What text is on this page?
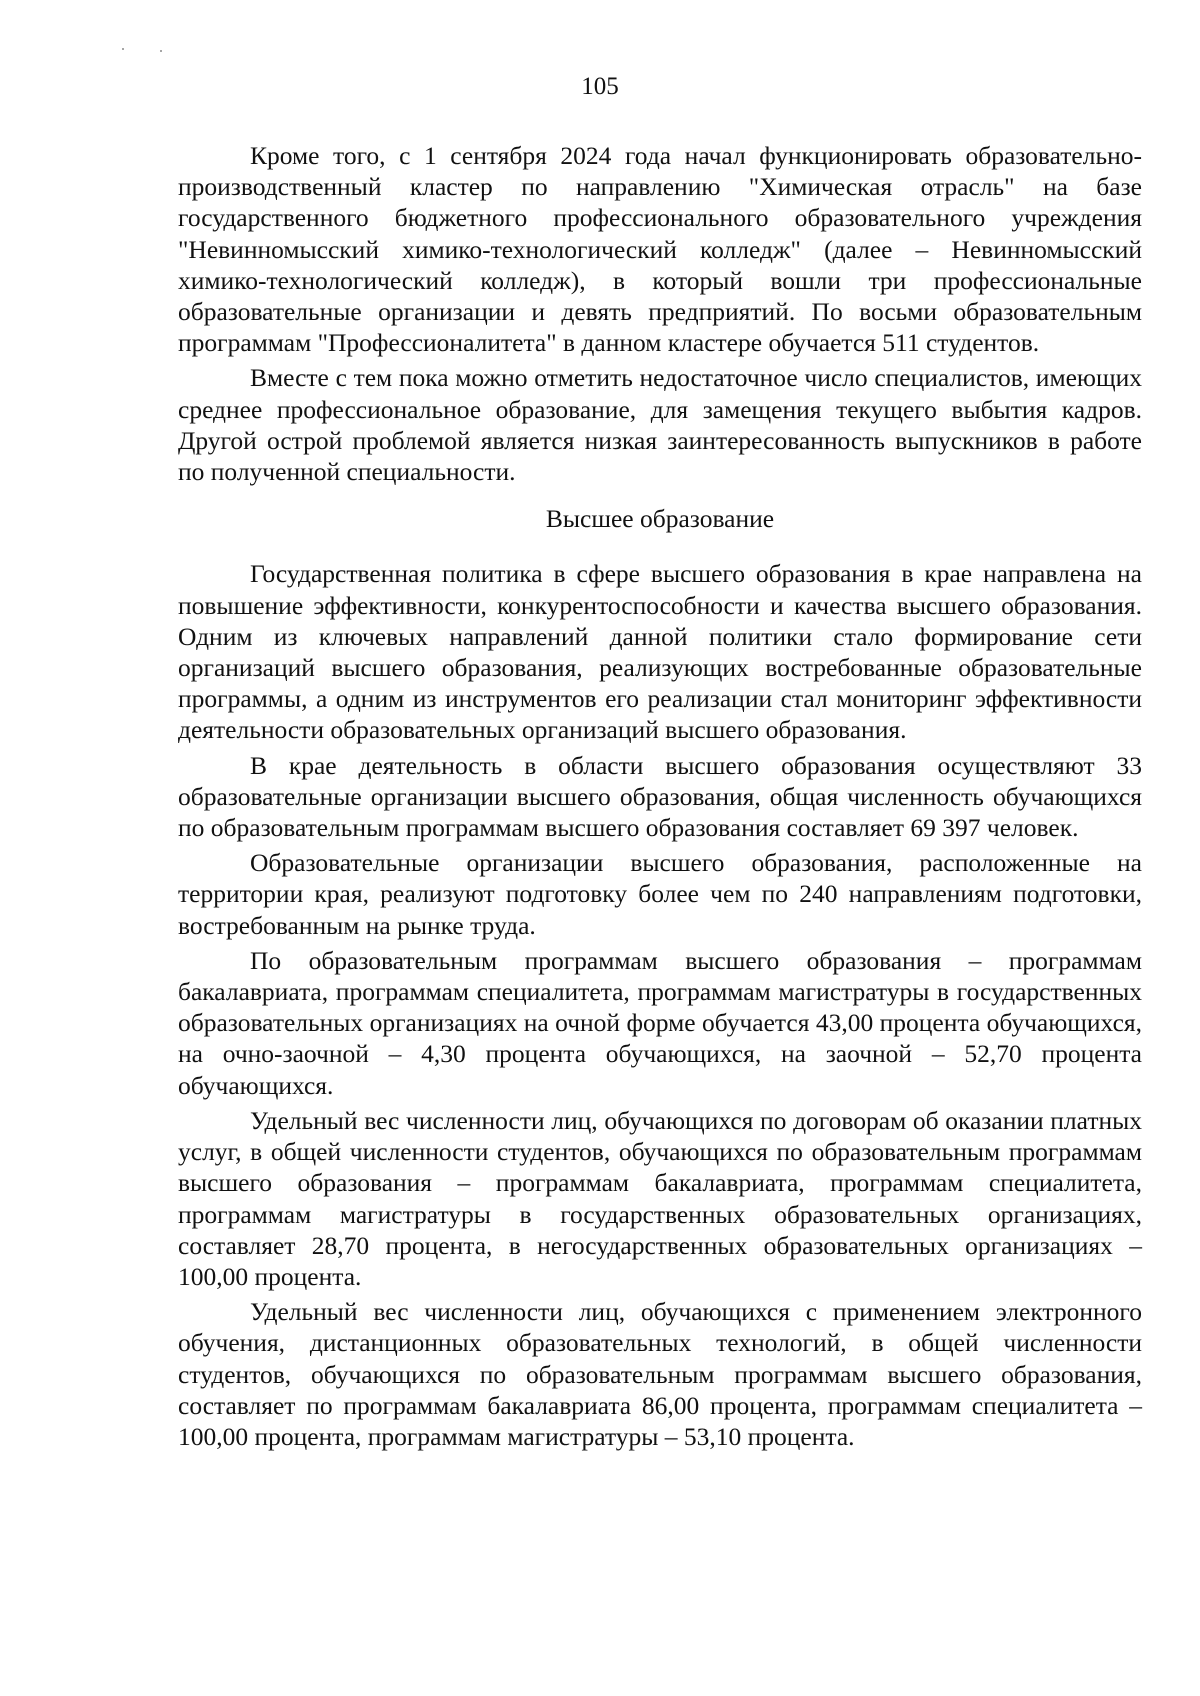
105

Кроме того, с 1 сентября 2024 года начал функционировать образовательно-производственный кластер по направлению "Химическая отрасль" на базе государственного бюджетного профессионального образовательного учреждения "Невинномысский химико-технологический колледж" (далее – Невинномысский химико-технологический колледж), в который вошли три профессиональные образовательные организации и девять предприятий. По восьми образовательным программам "Профессионалитета" в данном кластере обучается 511 студентов.

Вместе с тем пока можно отметить недостаточное число специалистов, имеющих среднее профессиональное образование, для замещения текущего выбытия кадров. Другой острой проблемой является низкая заинтересованность выпускников в работе по полученной специальности.

Высшее образование

Государственная политика в сфере высшего образования в крае направлена на повышение эффективности, конкурентоспособности и качества высшего образования. Одним из ключевых направлений данной политики стало формирование сети организаций высшего образования, реализующих востребованные образовательные программы, а одним из инструментов его реализации стал мониторинг эффективности деятельности образовательных организаций высшего образования.

В крае деятельность в области высшего образования осуществляют 33 образовательные организации высшего образования, общая численность обучающихся по образовательным программам высшего образования составляет 69 397 человек.

Образовательные организации высшего образования, расположенные на территории края, реализуют подготовку более чем по 240 направлениям подготовки, востребованным на рынке труда.

По образовательным программам высшего образования – программам бакалавриата, программам специалитета, программам магистратуры в государственных образовательных организациях на очной форме обучается 43,00 процента обучающихся, на очно-заочной – 4,30 процента обучающихся, на заочной – 52,70 процента обучающихся.

Удельный вес численности лиц, обучающихся по договорам об оказании платных услуг, в общей численности студентов, обучающихся по образовательным программам высшего образования – программам бакалавриата, программам специалитета, программам магистратуры в государственных образовательных организациях, составляет 28,70 процента, в негосударственных образовательных организациях – 100,00 процента.

Удельный вес численности лиц, обучающихся с применением электронного обучения, дистанционных образовательных технологий, в общей численности студентов, обучающихся по образовательным программам высшего образования, составляет по программам бакалавриата 86,00 процента, программам специалитета – 100,00 процента, программам магистратуры – 53,10 процента.
